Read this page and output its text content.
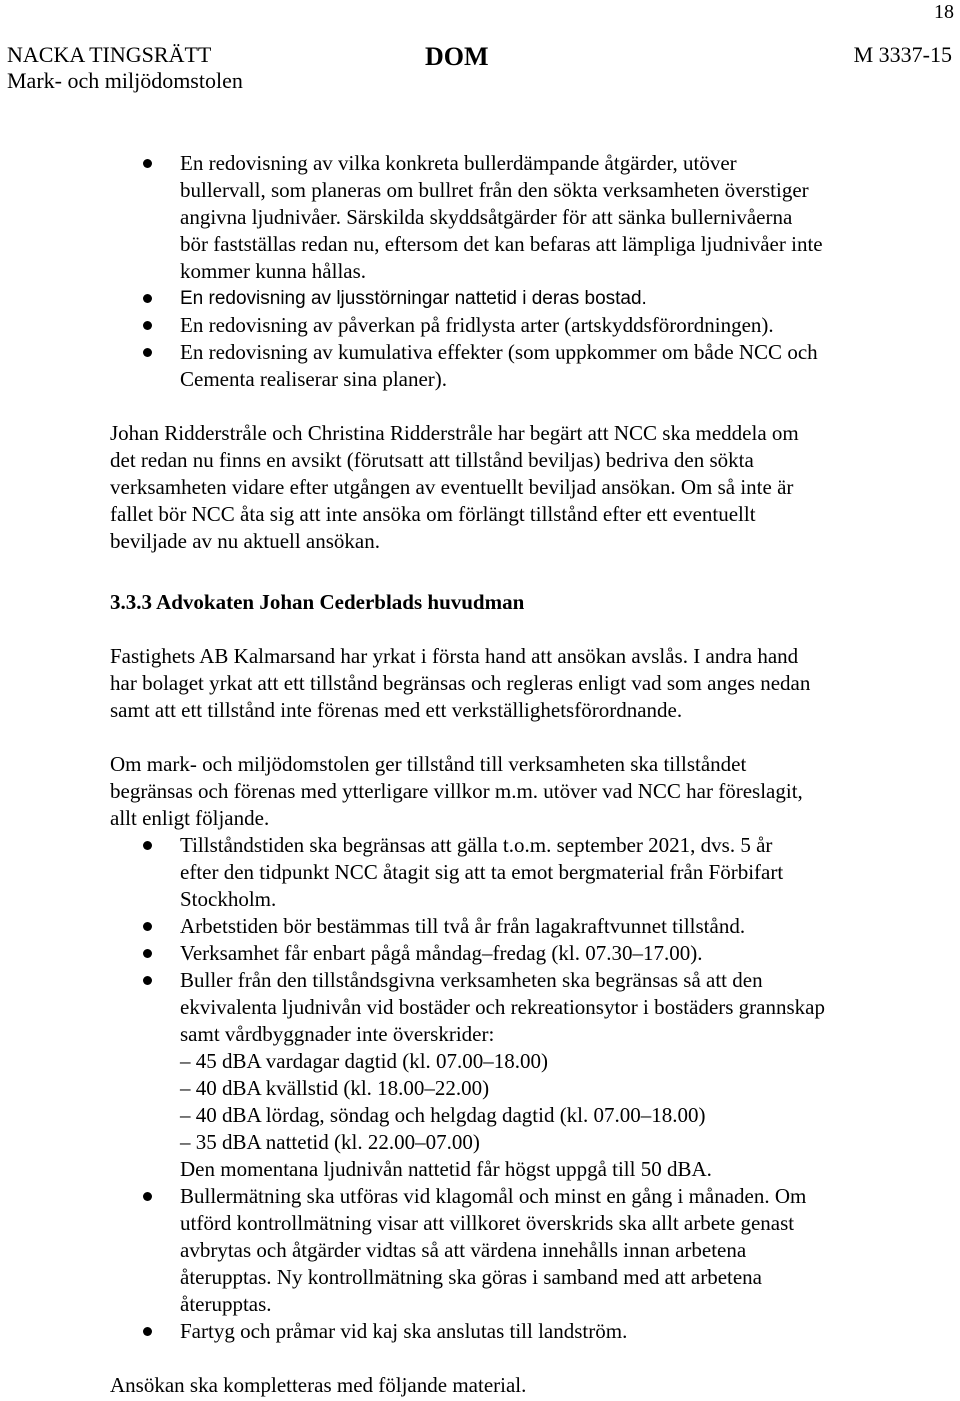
18
NACKA TINGSRÄTT
Mark- och miljödomstolen
DOM	M 3337-15
En redovisning av vilka konkreta bullerdämpande åtgärder, utöver
bullervall, som planeras om bullret från den sökta verksamheten överstiger
angivna ljudnivåer. Särskilda skyddsåtgärder för att sänka bullernivåerna
bör fastställas redan nu, eftersom det kan befaras att lämpliga ljudnivåer inte
kommer kunna hållas.
En redovisning av ljusstörningar nattetid i deras bostad.
En redovisning av påverkan på fridlysta arter (artskyddsförordningen).
En redovisning av kumulativa effekter (som uppkommer om både NCC och
Cementa realiserar sina planer).

Johan Ridderstråle och Christina Ridderstråle har begärt att NCC ska meddela om
det redan nu finns en avsikt (förutsatt att tillstånd beviljas) bedriva den sökta
verksamheten vidare efter utgången av eventuellt beviljad ansökan. Om så inte är
fallet bör NCC åta sig att inte ansöka om förlängt tillstånd efter ett eventuellt
beviljade av nu aktuell ansökan.

3.3.3 Advokaten Johan Cederblads huvudman

Fastighets AB Kalmarsand har yrkat i första hand att ansökan avslås. I andra hand
har bolaget yrkat att ett tillstånd begränsas och regleras enligt vad som anges nedan
samt att ett tillstånd inte förenas med ett verkställighetsförordnande.

Om mark- och miljödomstolen ger tillstånd till verksamheten ska tillståndet
begränsas och förenas med ytterligare villkor m.m. utöver vad NCC har föreslagit,
allt enligt följande.

Tillståndstiden ska begränsas att gälla t.o.m. september 2021, dvs. 5 år
efter den tidpunkt NCC åtagit sig att ta emot bergmaterial från Förbifart
Stockholm.
Arbetstiden bör bestämmas till två år från lagakraftvunnet tillstånd.
Verksamhet får enbart pågå måndag–fredag (kl. 07.30–17.00).
Buller från den tillståndsgivna verksamheten ska begränsas så att den
ekvivalenta ljudnivån vid bostäder och rekreationsytor i bostäders grannskap
samt vårdbyggnader inte överskrider:
– 45 dBA vardagar dagtid (kl. 07.00–18.00)
– 40 dBA kvällstid (kl. 18.00–22.00)
– 40 dBA lördag, söndag och helgdag dagtid (kl. 07.00–18.00)
– 35 dBA nattetid (kl. 22.00–07.00)
Den momentana ljudnivån nattetid får högst uppgå till 50 dBA.
Bullermätning ska utföras vid klagomål och minst en gång i månaden. Om
utförd kontrollmätning visar att villkoret överskrids ska allt arbete genast
avbrytas och åtgärder vidtas så att värdena innehålls innan arbetena
återupptas. Ny kontrollmätning ska göras i samband med att arbetena
återupptas.
Fartyg och pråmar vid kaj ska anslutas till landström.

Ansökan ska kompletteras med följande material.
